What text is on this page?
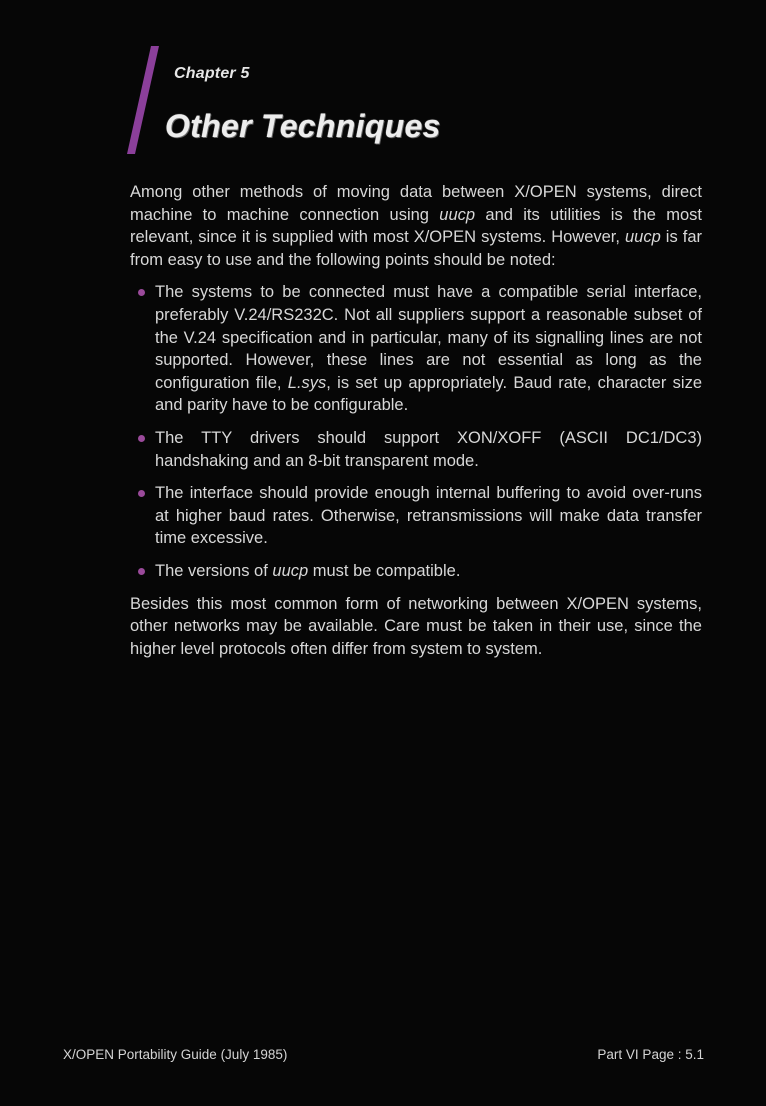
Chapter 5
Other Techniques

Among other methods of moving data between X/OPEN systems, direct machine to machine connection using uucp and its utilities is the most relevant, since it is supplied with most X/OPEN systems. However, uucp is far from easy to use and the following points should be noted:

The systems to be connected must have a compatible serial interface, preferably V.24/RS232C. Not all suppliers support a reasonable subset of the V.24 specification and in particular, many of its signalling lines are not supported. However, these lines are not essential as long as the configuration file, L.sys, is set up appropriately. Baud rate, character size and parity have to be configurable.
The TTY drivers should support XON/XOFF (ASCII DC1/DC3) handshaking and an 8-bit transparent mode.
The interface should provide enough internal buffering to avoid over-runs at higher baud rates. Otherwise, retransmissions will make data transfer time excessive.
The versions of uucp must be compatible.

Besides this most common form of networking between X/OPEN systems, other networks may be available. Care must be taken in their use, since the higher level protocols often differ from system to system.

X/OPEN Portability Guide (July 1985)	Part VI Page : 5.1
